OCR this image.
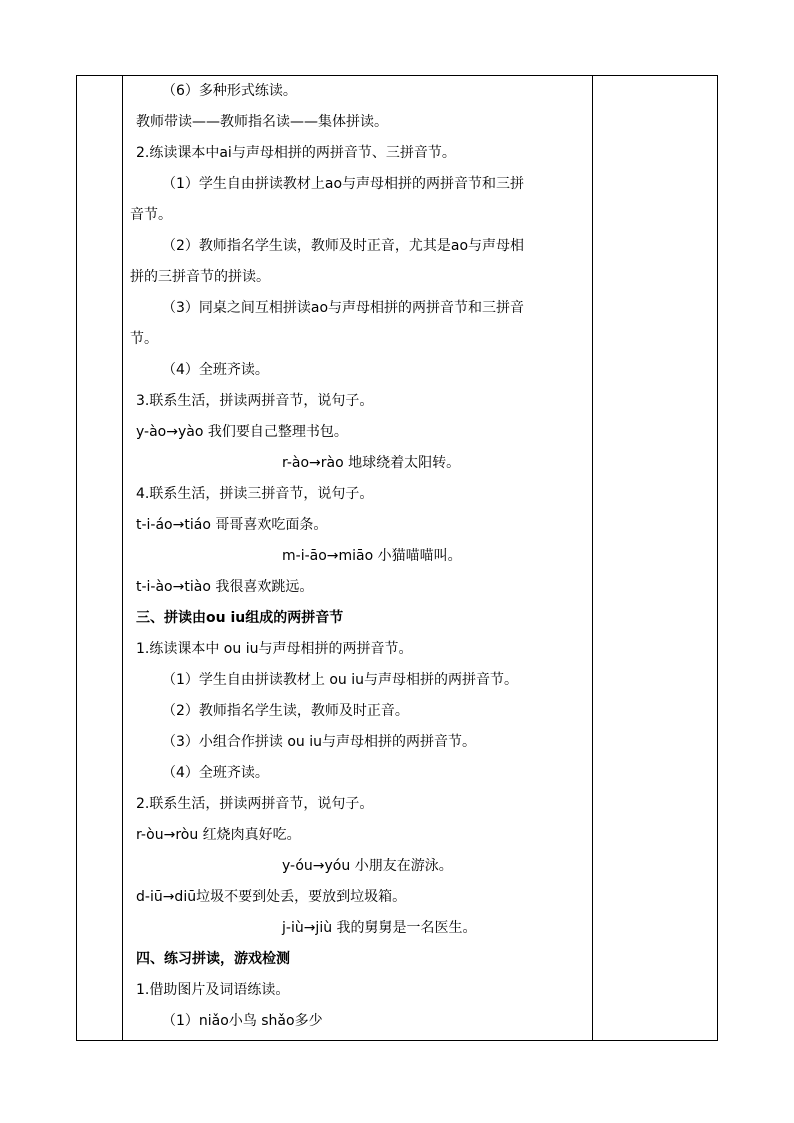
（6）多种形式练读。
教师带读——教师指名读——集体拼读。
2.练读课本中ai与声母相拼的两拼音节、三拼音节。
（1）学生自由拼读教材上ao与声母相拼的两拼音节和三拼
音节。
（2）教师指名学生读，教师及时正音，尤其是ao与声母相
拼的三拼音节的拼读。
（3）同桌之间互相拼读ao与声母相拼的两拼音节和三拼音
节。
（4）全班齐读。
3.联系生活，拼读两拼音节，说句子。
y-ào→yào 我们要自己整理书包。
r-ào→rào 地球绕着太阳转。
4.联系生活，拼读三拼音节，说句子。
t-i-áo→tiáo 哥哥喜欢吃面条。
m-i-āo→miāo 小猫喵喵叫。
t-i-ào→tiào 我很喜欢跳远。
三、拼读由ou iu组成的两拼音节
1.练读课本中 ou iu与声母相拼的两拼音节。
（1）学生自由拼读教材上 ou iu与声母相拼的两拼音节。
（2）教师指名学生读，教师及时正音。
（3）小组合作拼读 ou iu与声母相拼的两拼音节。
（4）全班齐读。
2.联系生活，拼读两拼音节，说句子。
r-òu→ròu 红烧肉真好吃。
y-óu→yóu 小朋友在游泳。
d-iū→diū垃圾不要到处丢，要放到垃圾箱。
j-iù→jiù 我的舅舅是一名医生。
四、练习拼读，游戏检测
1.借助图片及词语练读。
（1）niǎo小鸟 shǎo多少
